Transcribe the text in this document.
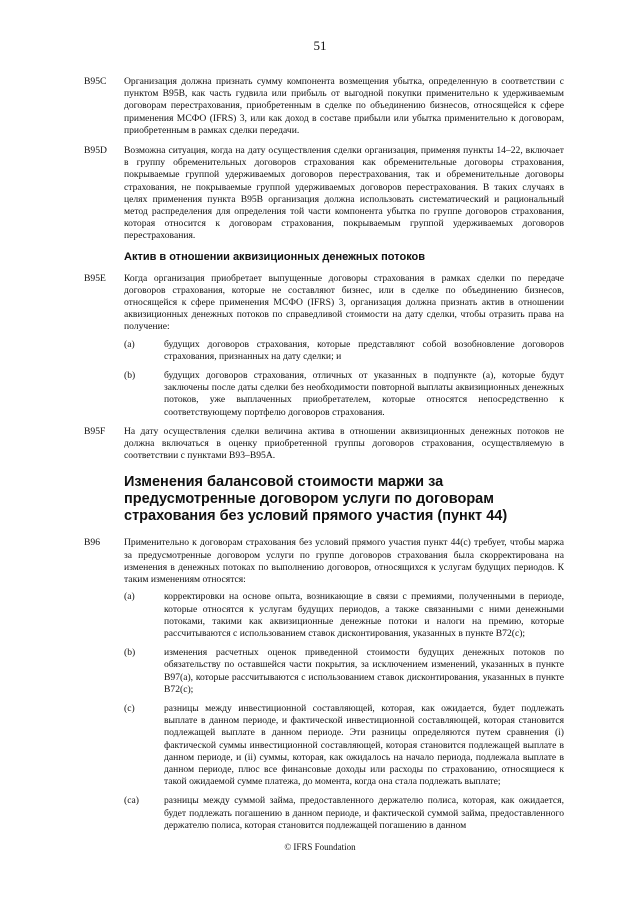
51

B95C Организация должна признать сумму компонента возмещения убытка, определенную в соответствии с пунктом B95B, как часть гудвила или прибыль от выгодной покупки применительно к удерживаемым договорам перестрахования, приобретенным в сделке по объединению бизнесов, относящейся к сфере применения МСФО (IFRS) 3, или как доход в составе прибыли или убытка применительно к договорам, приобретенным в рамках сделки передачи.

B95D Возможна ситуация, когда на дату осуществления сделки организация, применяя пункты 14–22, включает в группу обременительных договоров страхования как обременительные договоры страхования, покрываемые группой удерживаемых договоров перестрахования, так и обременительные договоры страхования, не покрываемые группой удерживаемых договоров перестрахования. В таких случаях в целях применения пункта B95B организация должна использовать систематический и рациональный метод распределения для определения той части компонента убытка по группе договоров страхования, которая относится к договорам страхования, покрываемым группой удерживаемых договоров перестрахования.

Актив в отношении аквизиционных денежных потоков

B95E Когда организация приобретает выпущенные договоры страхования в рамках сделки по передаче договоров страхования, которые не составляют бизнес, или в сделке по объединению бизнесов, относящейся к сфере применения МСФО (IFRS) 3, организация должна признать актив в отношении аквизиционных денежных потоков по справедливой стоимости на дату сделки, чтобы отразить права на получение:

(a)	будущих договоров страхования, которые представляют собой возобновление договоров страхования, признанных на дату сделки; и
(b)	будущих договоров страхования, отличных от указанных в подпункте (а), которые будут заключены после даты сделки без необходимости повторной выплаты аквизиционных денежных потоков, уже выплаченных приобретателем, которые относятся непосредственно к соответствующему портфелю договоров страхования.

B95F На дату осуществления сделки величина актива в отношении аквизиционных денежных потоков не должна включаться в оценку приобретенной группы договоров страхования, осуществляемую в соответствии с пунктами B93–B95A.

Изменения балансовой стоимости маржи за предусмотренные договором услуги по договорам страхования без условий прямого участия (пункт 44)

B96	Применительно к договорам страхования без условий прямого участия пункт 44(c) требует, чтобы маржа за предусмотренные договором услуги по группе договоров страхования была скорректирована на изменения в денежных потоках по выполнению договоров, относящихся к услугам будущих периодов. К таким изменениям относятся:

(a)	корректировки на основе опыта, возникающие в связи с премиями, полученными в периоде, которые относятся к услугам будущих периодов, а также связанными с ними денежными потоками, такими как аквизиционные денежные потоки и налоги на премию, которые рассчитываются с использованием ставок дисконтирования, указанных в пункте B72(c);
(b)	изменения расчетных оценок приведенной стоимости будущих денежных потоков по обязательству по оставшейся части покрытия, за исключением изменений, указанных в пункте B97(a), которые рассчитываются с использованием ставок дисконтирования, указанных в пункте B72(c);
(c)	разницы между инвестиционной составляющей, которая, как ожидается, будет подлежать выплате в данном периоде, и фактической инвестиционной составляющей, которая становится подлежащей выплате в данном периоде. Эти разницы определяются путем сравнения (i) фактической суммы инвестиционной составляющей, которая становится подлежащей выплате в данном периоде, и (ii) суммы, которая, как ожидалось на начало периода, подлежала выплате в данном периоде, плюс все финансовые доходы или расходы по страхованию, относящиеся к такой ожидаемой сумме платежа, до момента, когда она стала подлежать выплате;
(ca)	разницы между суммой займа, предоставленного держателю полиса, которая, как ожидается, будет подлежать погашению в данном периоде, и фактической суммой займа, предоставленного держателю полиса, которая становится подлежащей погашению в данном
© IFRS Foundation
